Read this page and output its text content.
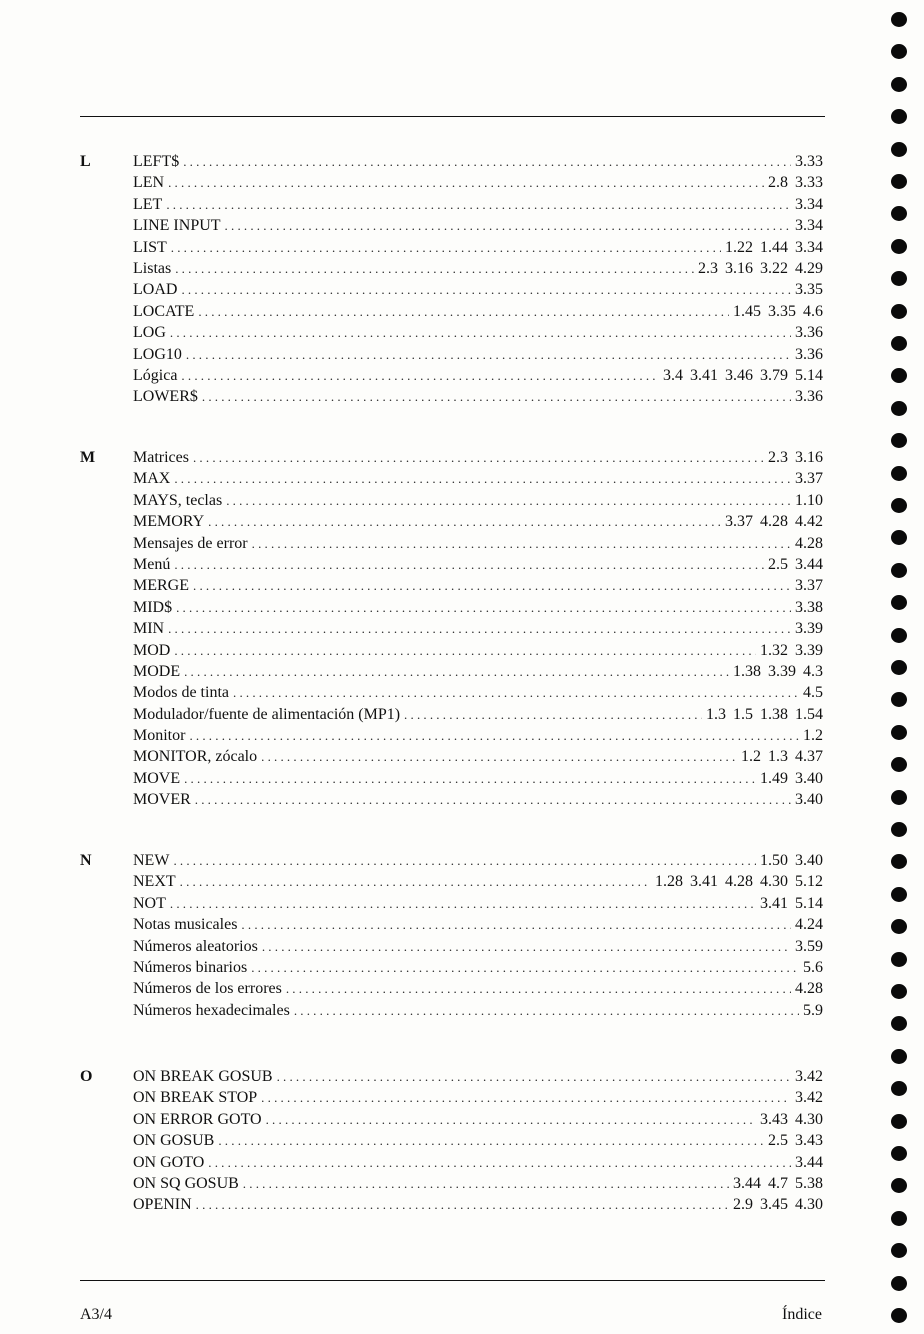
L	LEFT$ .....	3.33
LEN .....	2.8 3.33
LET .....	3.34
LINE INPUT .....	3.34
LIST .....	1.22 1.44 3.34
Listas .....	2.3 3.16 3.22 4.29
LOAD .....	3.35
LOCATE .....	1.45 3.35 4.6
LOG .....	3.36
LOG10 .....	3.36
Lógica .....	3.4 3.41 3.46 3.79 5.14
LOWER$ .....	3.36
M Matrices .....	2.3 3.16
MAX .....	3.37
MAYS, teclas .....	1.10
MEMORY .....	3.37 4.28 4.42
Mensajes de error .....	4.28
Menú .....	2.5 3.44
MERGE .....	3.37
MID$ .....	3.38
MIN .....	3.39
MOD .....	1.32 3.39
MODE .....	1.38 3.39 4.3
Modos de tinta .....	4.5
Modulador/fuente de alimentación (MP1) .....	1.3 1.5 1.38 1.54
Monitor .....	1.2
MONITOR, zócalo .....	1.2 1.3 4.37
MOVE .....	1.49 3.40
MOVER .....	3.40
N	NEW .....	1.50 3.40
NEXT .....	1.28 3.41 4.28 4.30 5.12
NOT .....	3.41 5.14
Notas musicales .....	4.24
Números aleatorios .....	3.59
Números binarios .....	5.6
Números de los errores .....	4.28
Números hexadecimales .....	5.9
O	ON BREAK GOSUB .....	3.42
ON BREAK STOP .....	3.42
ON ERROR GOTO .....	3.43 4.30
ON GOSUB .....	2.5 3.43
ON GOTO .....	3.44
ON SQ GOSUB .....	3.44 4.7 5.38
OPENIN .....	2.9 3.45 4.30
A3/4	Índice
